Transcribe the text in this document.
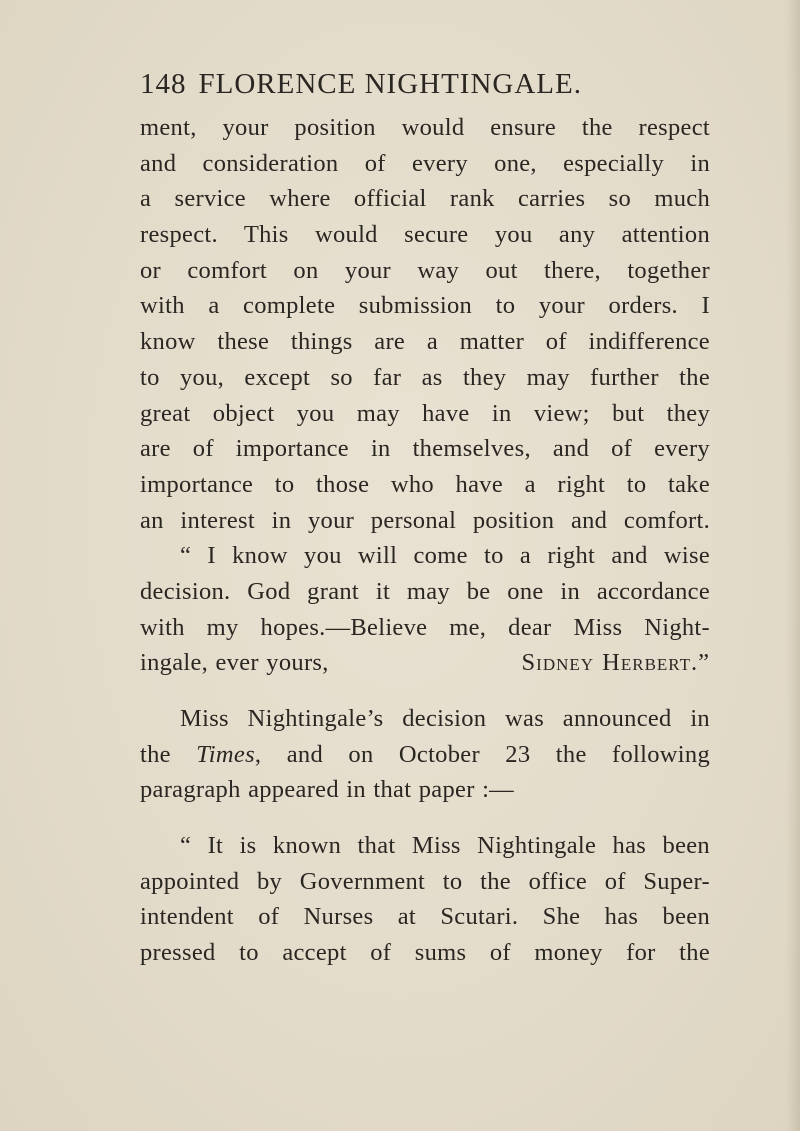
148 FLORENCE NIGHTINGALE.
ment, your position would ensure the respect
and consideration of every one, especially in
a service where official rank carries so much
respect. This would secure you any attention
or comfort on your way out there, together
with a complete submission to your orders. I
know these things are a matter of indifference
to you, except so far as they may further the
great object you may have in view; but they
are of importance in themselves, and of every
importance to those who have a right to take
an interest in your personal position and comfort.
“ I know you will come to a right and wise
decision. God grant it may be one in accordance
with my hopes.—Believe me, dear Miss Night-
ingale, ever yours,	Sidney Herbert.”
Miss Nightingale’s decision was announced in
the Times, and on October 23 the following
paragraph appeared in that paper :—
“ It is known that Miss Nightingale has been
appointed by Government to the office of Super-
intendent of Nurses at Scutari. She has been
pressed to accept of sums of money for the
